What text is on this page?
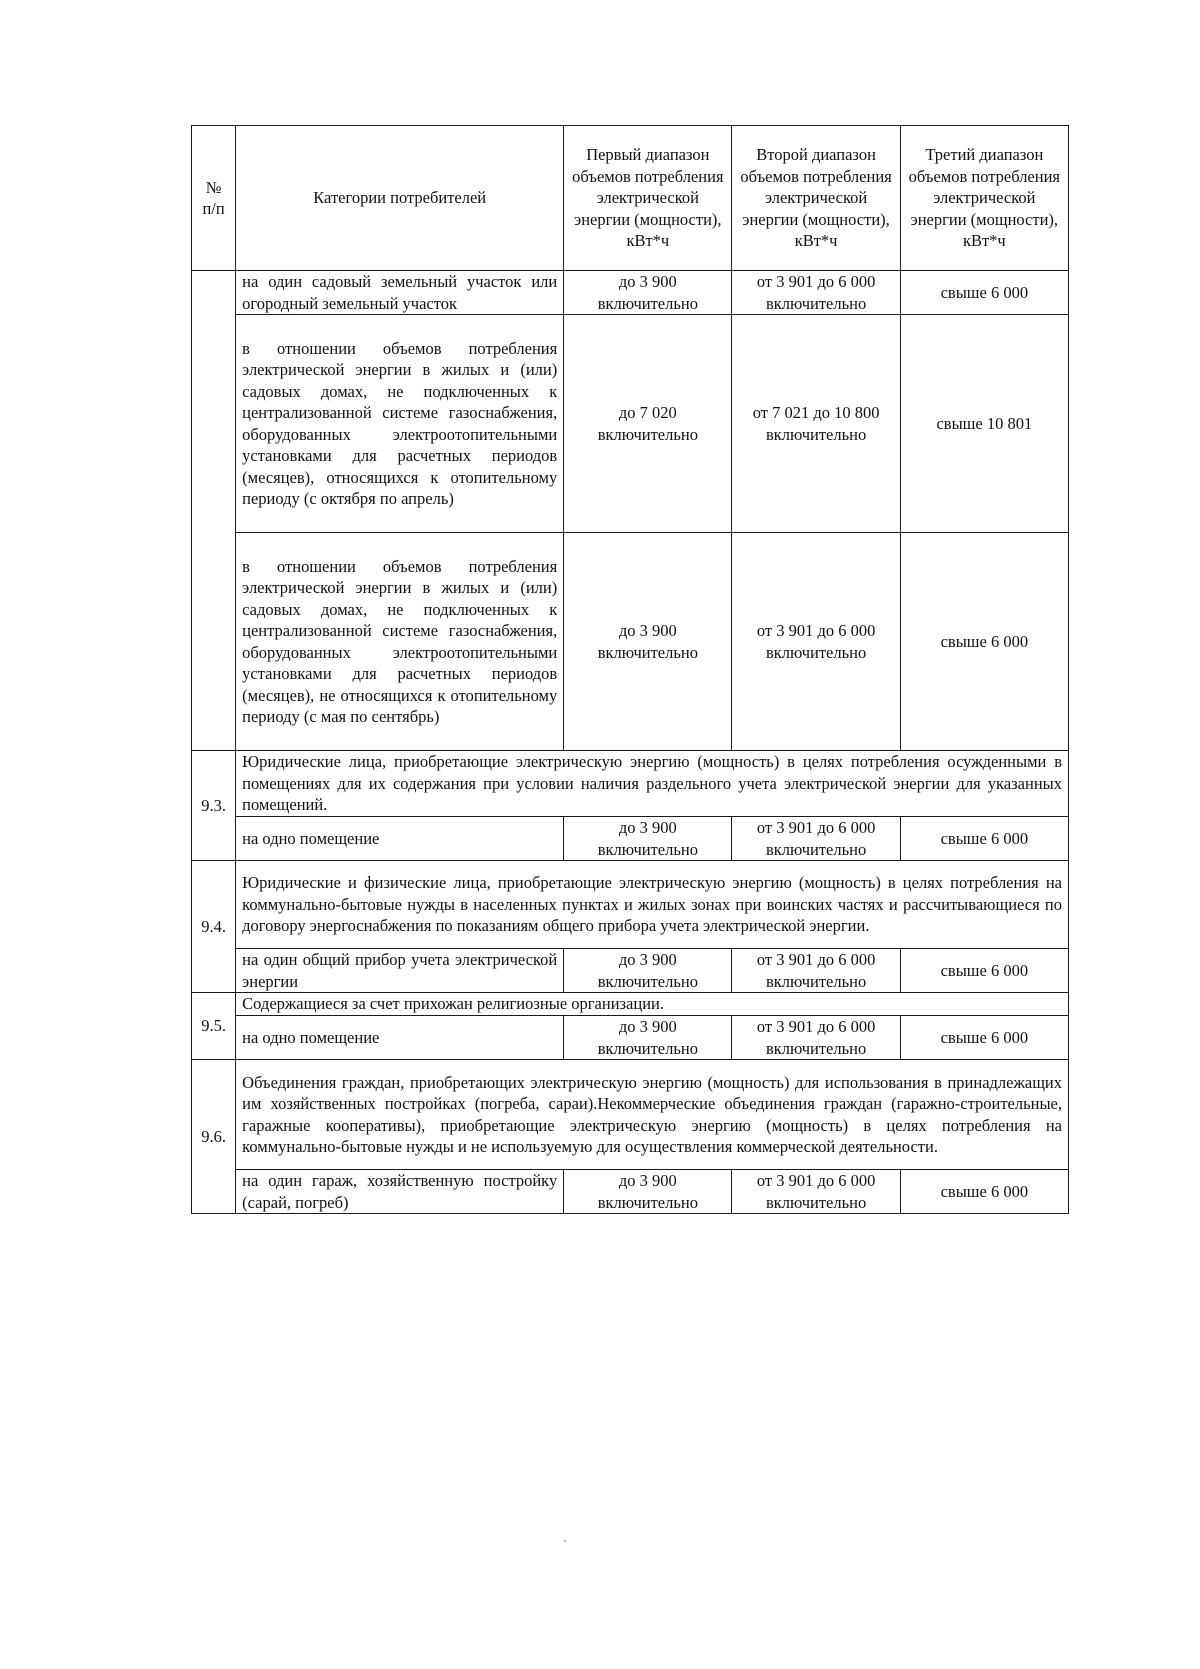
№
п/п	Категории потребителей	Первый диапазон объемов потребления электрической энергии (мощности), кВт*ч	Второй диапазон объемов потребления электрической энергии (мощности), кВт*ч	Третий диапазон объемов потребления электрической энергии (мощности), кВт*ч
	на один садовый земельный участок или огородный земельный участок	до 3 900 включительно	от 3 901 до 6 000 включительно	свыше 6 000
	в отношении объемов потребления электрической энергии в жилых и (или) садовых домах, не подключенных к централизованной системе газоснабжения, оборудованных электроотопительными установками для расчетных периодов (месяцев), относящихся к отопительному периоду (с октября по апрель)	до 7 020 включительно	от 7 021 до 10 800 включительно	свыше 10 801
	в отношении объемов потребления электрической энергии в жилых и (или) садовых домах, не подключенных к централизованной системе газоснабжения, оборудованных электроотопительными установками для расчетных периодов (месяцев), не относящихся к отопительному периоду (с мая по сентябрь)	до 3 900 включительно	от 3 901 до 6 000 включительно	свыше 6 000
9.3.	Юридические лица, приобретающие электрическую энергию (мощность) в целях потребления осужденными в помещениях для их содержания при условии наличия раздельного учета электрической энергии для указанных помещений.			
	на одно помещение	до 3 900 включительно	от 3 901 до 6 000 включительно	свыше 6 000
9.4.	Юридические и физические лица, приобретающие электрическую энергию (мощность) в целях потребления на коммунально-бытовые нужды в населенных пунктах и жилых зонах при воинских частях и рассчитывающиеся по договору энергоснабжения по показаниям общего прибора учета электрической энергии.			
	на один общий прибор учета электрической энергии	до 3 900 включительно	от 3 901 до 6 000 включительно	свыше 6 000
9.5.	Содержащиеся за счет прихожан религиозные организации.			
	на одно помещение	до 3 900 включительно	от 3 901 до 6 000 включительно	свыше 6 000
9.6.	Объединения граждан, приобретающих электрическую энергию (мощность) для использования в принадлежащих им хозяйственных постройках (погреба, сараи).Некоммерческие объединения граждан (гаражно-строительные, гаражные кооперативы), приобретающие электрическую энергию (мощность) в целях потребления на коммунально-бытовые нужды и не используемую для осуществления коммерческой деятельности.			
	на один гараж, хозяйственную постройку (сарай, погреб)	до 3 900 включительно	от 3 901 до 6 000 включительно	свыше 6 000
